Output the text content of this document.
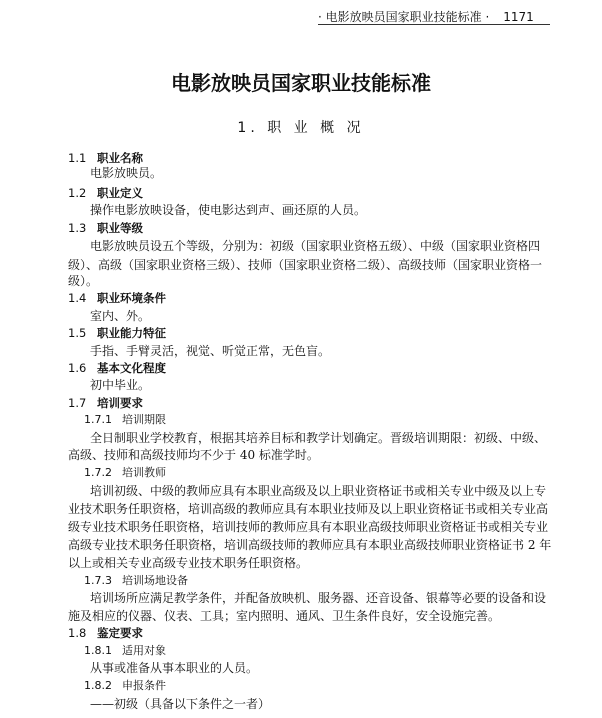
· 电影放映员国家职业技能标准 · 1171
电影放映员国家职业技能标准
1. 职 业 概 况
1.1 职业名称
电影放映员。
1.2 职业定义
操作电影放映设备，使电影达到声、画还原的人员。
1.3 职业等级
电影放映员设五个等级，分别为：初级（国家职业资格五级）、中级（国家职业资格四
级）、高级（国家职业资格三级）、技师（国家职业资格二级）、高级技师（国家职业资格一
级）。
1.4 职业环境条件
室内、外。
1.5 职业能力特征
手指、手臂灵活，视觉、听觉正常，无色盲。
1.6 基本文化程度
初中毕业。
1.7 培训要求
1.7.1 培训期限
全日制职业学校教育，根据其培养目标和教学计划确定。晋级培训期限：初级、中级、
高级、技师和高级技师均不少于 40 标准学时。
1.7.2 培训教师
培训初级、中级的教师应具有本职业高级及以上职业资格证书或相关专业中级及以上专
业技术职务任职资格，培训高级的教师应具有本职业技师及以上职业资格证书或相关专业高
级专业技术职务任职资格，培训技师的教师应具有本职业高级技师职业资格证书或相关专业
高级专业技术职务任职资格，培训高级技师的教师应具有本职业高级技师职业资格证书 2 年
以上或相关专业高级专业技术职务任职资格。
1.7.3 培训场地设备
培训场所应满足教学条件，并配备放映机、服务器、还音设备、银幕等必要的设备和设
施及相应的仪器、仪表、工具；室内照明、通风、卫生条件良好，安全设施完善。
1.8 鉴定要求
1.8.1 适用对象
从事或准备从事本职业的人员。
1.8.2 申报条件
——初级（具备以下条件之一者）
